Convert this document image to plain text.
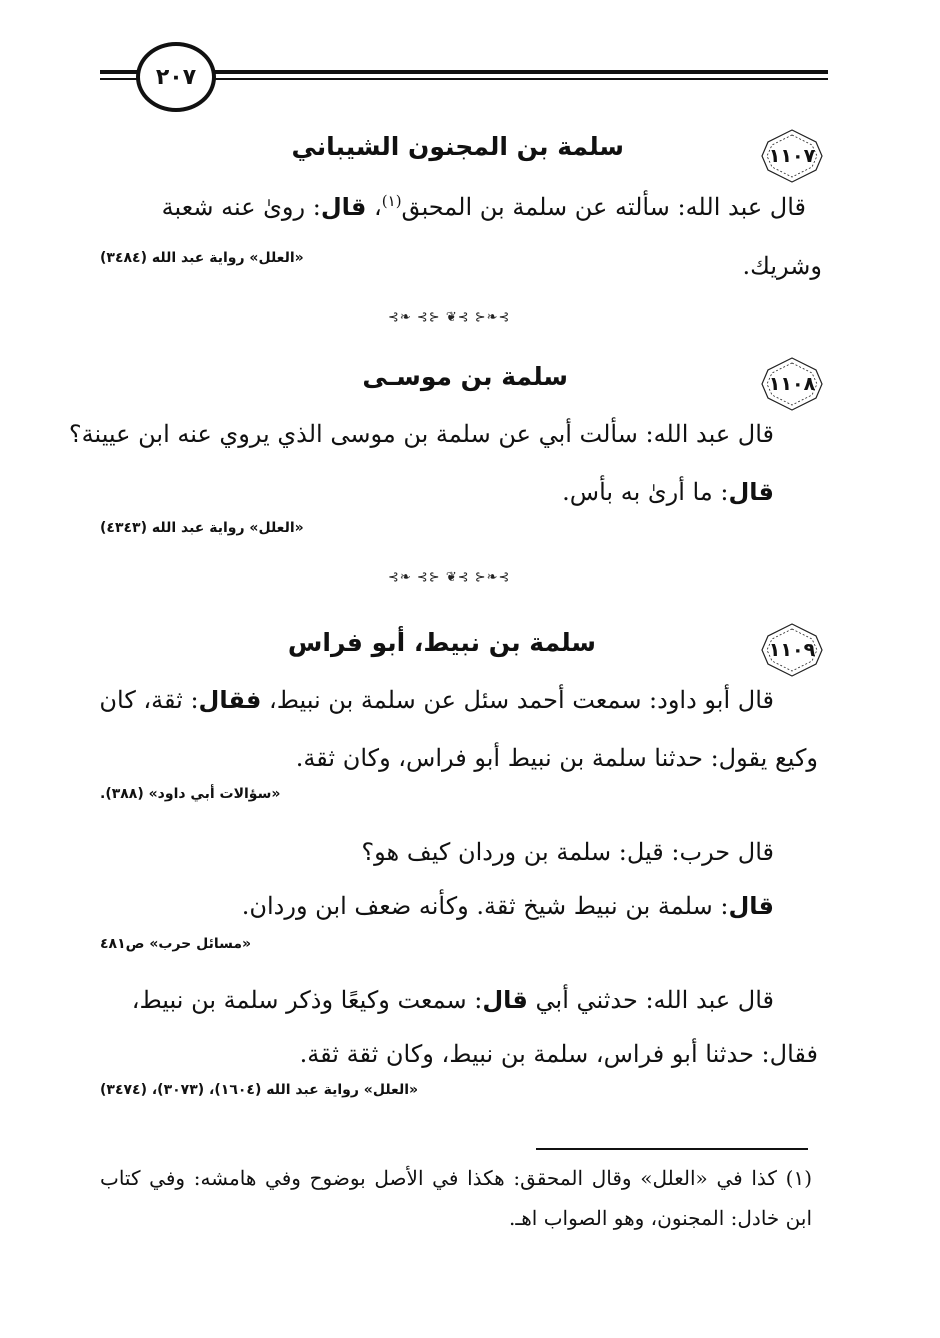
٢٠٧
١١٠٧
سلمة بن المجنون الشيباني
قال عبد الله: سألته عن سلمة بن المحبق$^{(١)}$، قال: روىٰ عنه شعبة
وشريك.
«العلل» رواية عبد الله (٣٤٨٤)
⊰❧ ⊰⊱ ❦⊰ ⊱❧⊰
١١٠٨
سلمة بن موسـى
قال عبد الله: سألت أبي عن سلمة بن موسى الذي يروي عنه ابن عيينة؟
قال: ما أرىٰ به بأس.
«العلل» رواية عبد الله (٤٣٤٣)
⊰❧ ⊰⊱ ❦⊰ ⊱❧⊰
١١٠٩
سلمة بن نبيط، أبو فراس
قال أبو داود: سمعت أحمد سئل عن سلمة بن نبيط، فقال: ثقة، كان
وكيع يقول: حدثنا سلمة بن نبيط أبو فراس، وكان ثقة.
«سؤالات أبي داود» (٣٨٨).
قال حرب: قيل: سلمة بن وردان كيف هو؟
قال: سلمة بن نبيط شيخ ثقة. وكأنه ضعف ابن وردان.
«مسائل حرب» ص٤٨١
قال عبد الله: حدثني أبي قال: سمعت وكيعًا وذكر سلمة بن نبيط،
فقال: حدثنا أبو فراس، سلمة بن نبيط، وكان ثقة ثقة.
«العلل» رواية عبد الله (١٦٠٤)، (٣٠٧٣)، (٣٤٧٤)
(١) كذا في «العلل» وقال المحقق: هكذا في الأصل بوضوح وفي هامشه: وفي كتاب ابن خادل: المجنون، وهو الصواب اهـ.
